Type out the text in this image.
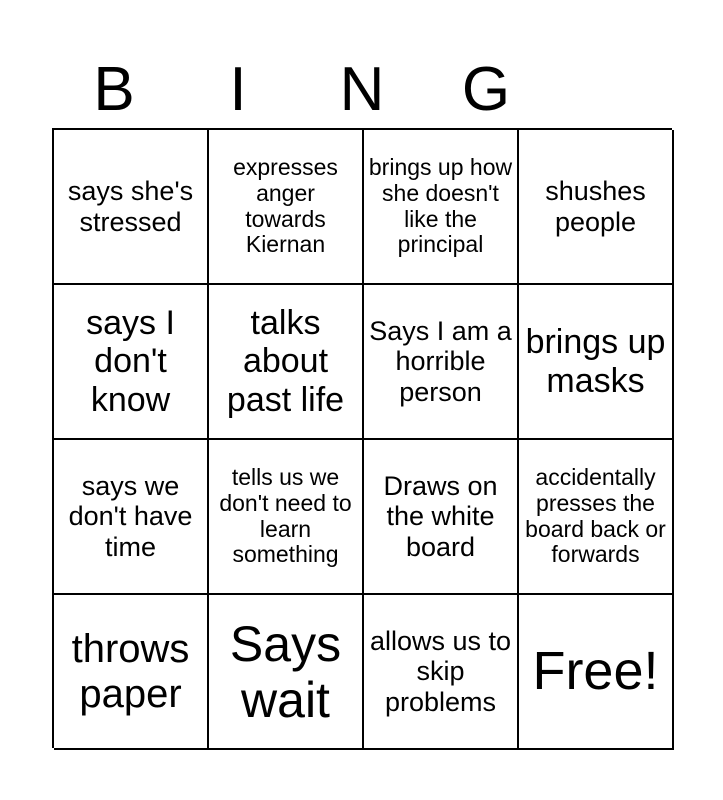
B	I	N	G
says she's stressed
expresses anger towards Kiernan
brings up how she doesn't like the principal
shushes people
says I don't know
talks about past life
Says I am a horrible person
brings up masks
says we don't have time
tells us we don't need to learn something
Draws on the white board
accidentally presses the board back or forwards
throws paper
Says wait
allows us to skip problems
Free!
